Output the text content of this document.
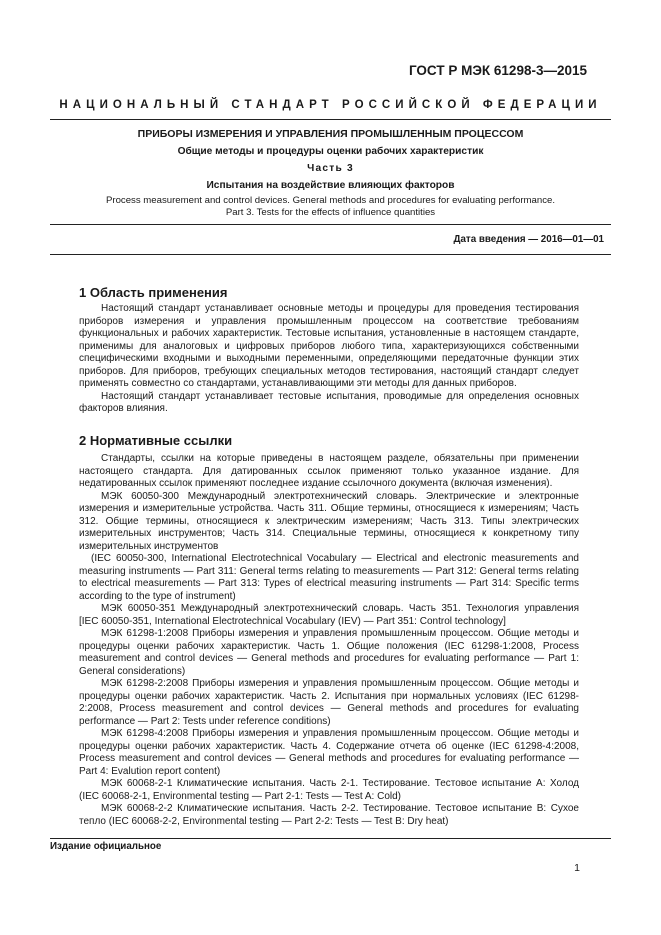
ГОСТ Р МЭК 61298-3—2015
НАЦИОНАЛЬНЫЙ СТАНДАРТ РОССИЙСКОЙ ФЕДЕРАЦИИ
ПРИБОРЫ ИЗМЕРЕНИЯ И УПРАВЛЕНИЯ ПРОМЫШЛЕННЫМ ПРОЦЕССОМ
Общие методы и процедуры оценки рабочих характеристик
Часть 3
Испытания на воздействие влияющих факторов
Process measurement and control devices. General methods and procedures for evaluating performance.
Part 3. Tests for the effects of influence quantities
Дата введения — 2016—01—01
1 Область применения

Настоящий стандарт устанавливает основные методы и процедуры для проведения тестирования приборов измерения и управления промышленным процессом на соответствие требованиям функциональных и рабочих характеристик. Тестовые испытания, установленные в настоящем стандарте, применимы для аналоговых и цифровых приборов любого типа, характеризующихся собственными специфическими входными и выходными переменными, определяющими передаточные функции этих приборов. Для приборов, требующих специальных методов тестирования, настоящий стандарт следует применять совместно со стандартами, устанавливающими эти методы для данных приборов.

Настоящий стандарт устанавливает тестовые испытания, проводимые для определения основных факторов влияния.

2 Нормативные ссылки

Стандарты, ссылки на которые приведены в настоящем разделе, обязательны при применении настоящего стандарта. Для датированных ссылок применяют только указанное издание. Для недатированных ссылок применяют последнее издание ссылочного документа (включая изменения).

МЭК 60050-300 Международный электротехнический словарь. Электрические и электронные измерения и измерительные устройства. Часть 311. Общие термины, относящиеся к измерениям; Часть 312. Общие термины, относящиеся к электрическим измерениям; Часть 313. Типы электрических измерительных инструментов; Часть 314. Специальные термины, относящиеся к конкретному типу измерительных инструментов

(IEC 60050-300, International Electrotechnical Vocabulary — Electrical and electronic measurements and measuring instruments — Part 311: General terms relating to measurements — Part 312: General terms relating to electrical measurements — Part 313: Types of electrical measuring instruments — Part 314: Specific terms according to the type of instrument)

МЭК 60050-351 Международный электротехнический словарь. Часть 351. Технология управления [IEC 60050-351, International Electrotechnical Vocabulary (IEV) — Part 351: Control technology]

МЭК 61298-1:2008 Приборы измерения и управления промышленным процессом. Общие методы и процедуры оценки рабочих характеристик. Часть 1. Общие положения (IEC 61298-1:2008, Process measurement and control devices — General methods and procedures for evaluating performance — Part 1: General considerations)

МЭК 61298-2:2008 Приборы измерения и управления промышленным процессом. Общие методы и процедуры оценки рабочих характеристик. Часть 2. Испытания при нормальных условиях (IEC 61298-2:2008, Process measurement and control devices — General methods and procedures for evaluating performance — Part 2: Tests under reference conditions)

МЭК 61298-4:2008 Приборы измерения и управления промышленным процессом. Общие методы и процедуры оценки рабочих характеристик. Часть 4. Содержание отчета об оценке (IEC 61298-4:2008, Process measurement and control devices — General methods and procedures for evaluating performance — Part 4: Evalution report content)

МЭК 60068-2-1 Климатические испытания. Часть 2-1. Тестирование. Тестовое испытание А: Холод (IEC 60068-2-1, Environmental testing — Part 2-1: Tests — Test A: Cold)

МЭК 60068-2-2 Климатические испытания. Часть 2-2. Тестирование. Тестовое испытание В: Сухое тепло (IEC 60068-2-2, Environmental testing — Part 2-2: Tests — Test B: Dry heat)

Издание официальное
1
